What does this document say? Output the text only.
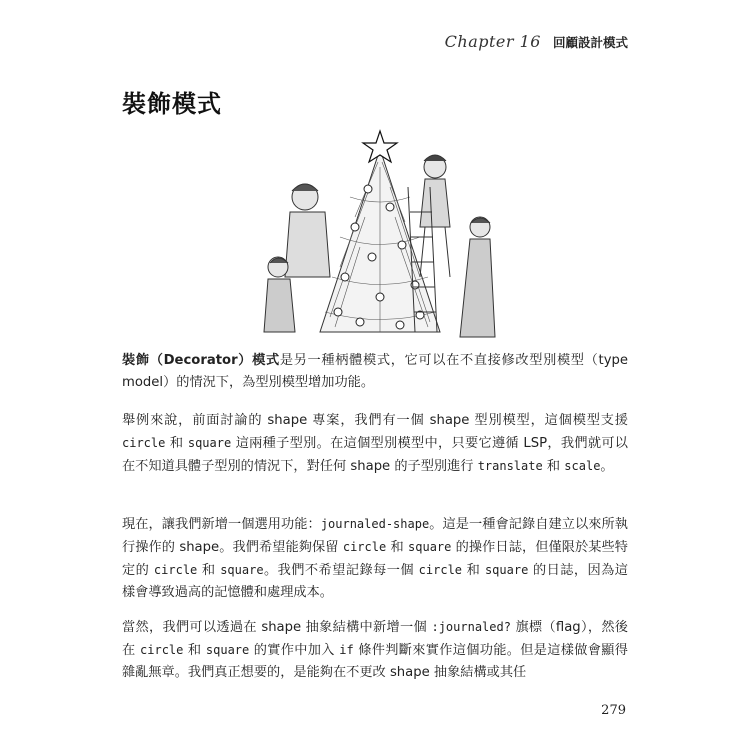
Chapter 16 回顧設計模式
裝飾模式
裝飾（Decorator）模式是另一種柄體模式，它可以在不直接修改型別模型（type model）的情況下，為型別模型增加功能。
舉例來說，前面討論的 shape 專案，我們有一個 shape 型別模型，這個模型支援 circle 和 square 這兩種子型別。在這個型別模型中，只要它遵循 LSP，我們就可以在不知道具體子型別的情況下，對任何 shape 的子型別進行 translate 和 scale。
現在，讓我們新增一個選用功能：journaled-shape。這是一種會記錄自建立以來所執行操作的 shape。我們希望能夠保留 circle 和 square 的操作日誌，但僅限於某些特定的 circle 和 square。我們不希望記錄每一個 circle 和 square 的日誌，因為這樣會導致過高的記憶體和處理成本。
當然，我們可以透過在 shape 抽象結構中新增一個 :journaled? 旗標（flag），然後在 circle 和 square 的實作中加入 if 條件判斷來實作這個功能。但是這樣做會顯得雜亂無章。我們真正想要的，是能夠在不更改 shape 抽象結構或其任
279
